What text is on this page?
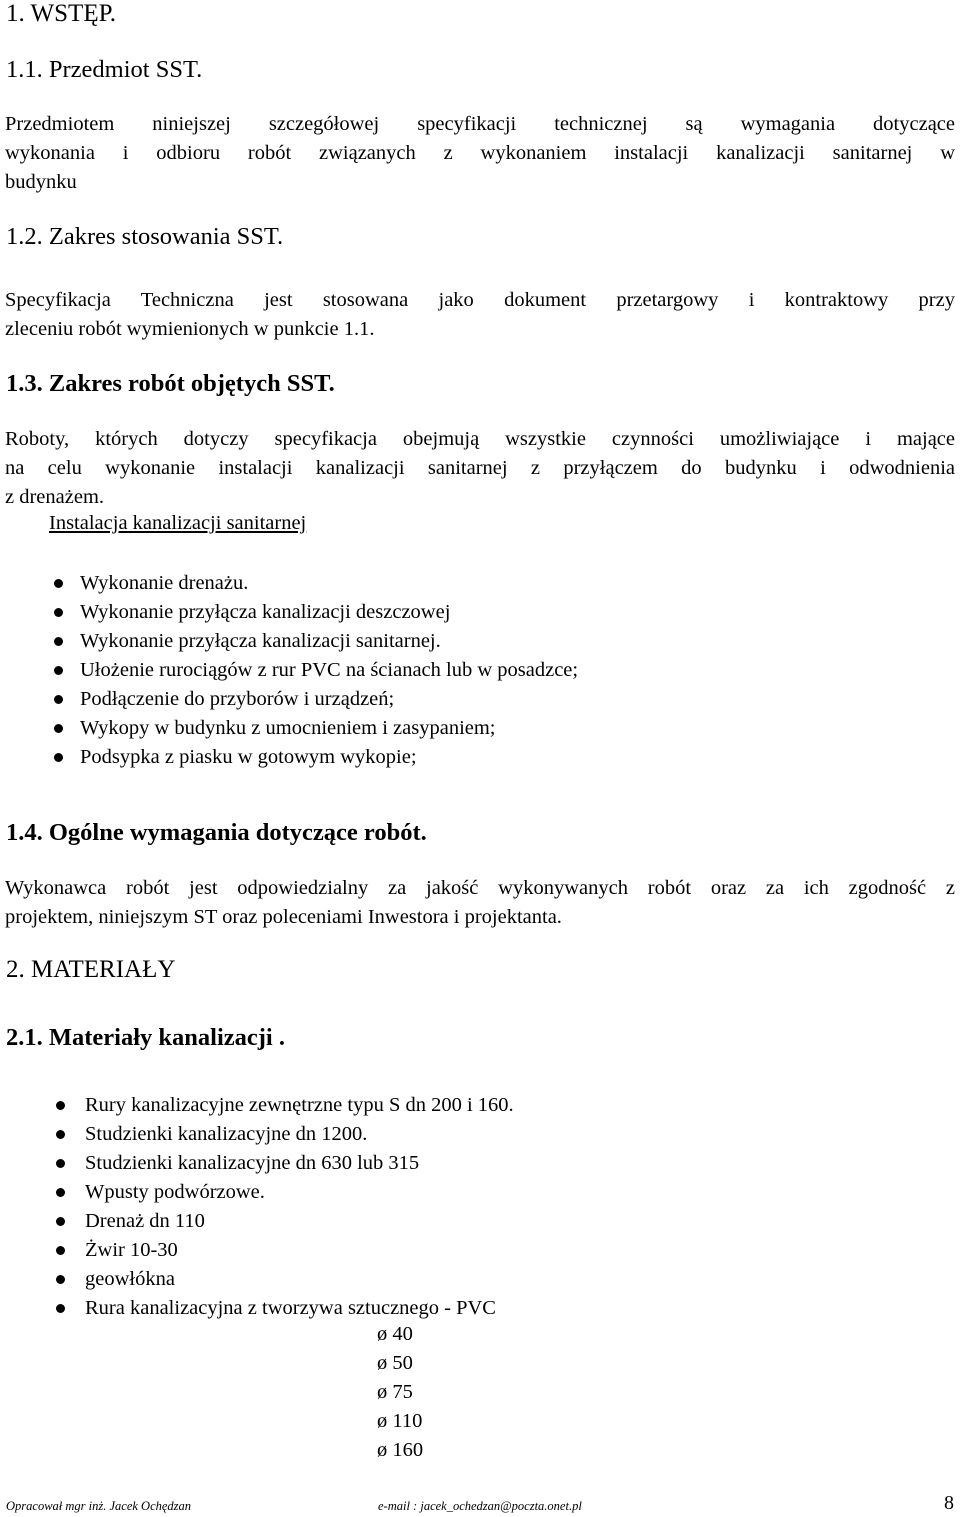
1. WSTĘP.
1.1. Przedmiot SST.
Przedmiotem niniejszej szczegółowej specyfikacji technicznej są wymagania dotyczące
wykonania i odbioru robót związanych z wykonaniem instalacji kanalizacji sanitarnej w
budynku
1.2. Zakres stosowania SST.
Specyfikacja Techniczna jest stosowana jako dokument przetargowy i kontraktowy przy
zleceniu robót wymienionych w punkcie 1.1.
1.3. Zakres robót objętych SST.
Roboty, których dotyczy specyfikacja obejmują wszystkie czynności umożliwiające i mające
na celu wykonanie instalacji kanalizacji sanitarnej z przyłączem do budynku i odwodnienia
z drenażem.
Instalacja kanalizacji sanitarnej
Wykonanie drenażu.
Wykonanie przyłącza kanalizacji deszczowej
Wykonanie przyłącza kanalizacji sanitarnej.
Ułożenie rurociągów z rur PVC na ścianach lub w posadzce;
Podłączenie do przyborów i urządzeń;
Wykopy w budynku z umocnieniem i zasypaniem;
Podsypka z piasku w gotowym wykopie;
1.4. Ogólne wymagania dotyczące robót.
Wykonawca robót jest odpowiedzialny za jakość wykonywanych robót oraz za ich zgodność z
projektem, niniejszym ST oraz poleceniami Inwestora i projektanta.
2. MATERIAŁY
2.1. Materiały kanalizacji .
Rury kanalizacyjne zewnętrzne typu S dn 200 i 160.
Studzienki kanalizacyjne dn 1200.
Studzienki kanalizacyjne dn 630 lub 315
Wpusty podwórzowe.
Drenaż dn 110
Żwir 10-30
geowłókna
Rura kanalizacyjna z tworzywa sztucznego - PVC
ø 40
ø 50
ø 75
ø 110
ø 160
Opracował mgr inż. Jacek Ochędzan	e-mail : jacek_ochedzan@poczta.onet.pl	8
